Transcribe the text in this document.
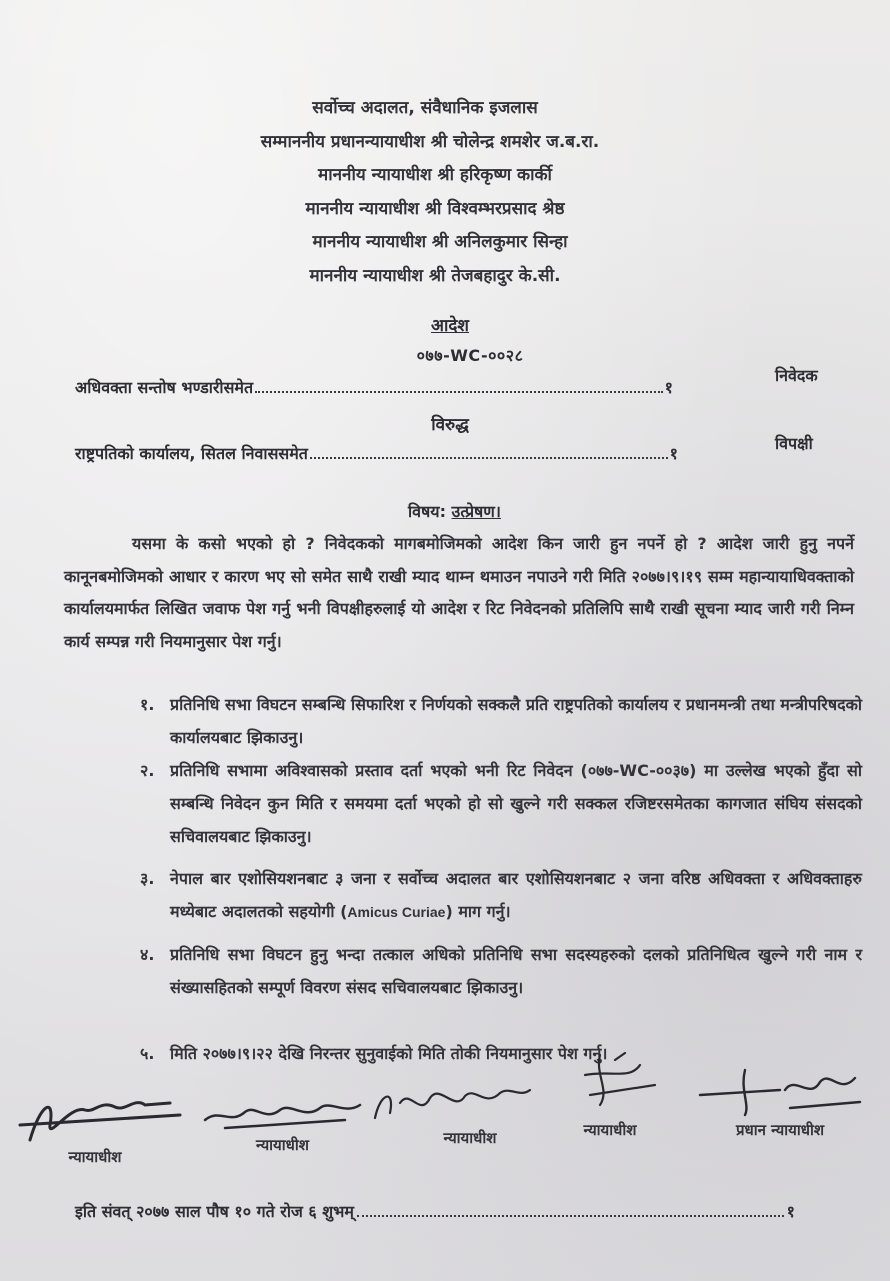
सर्वोच्च अदालत, संवैधानिक इजलास
सम्माननीय प्रधानन्यायाधीश श्री चोलेन्द्र शमशेर ज.ब.रा.
माननीय न्यायाधीश श्री हरिकृष्ण कार्की
माननीय न्यायाधीश श्री विश्वम्भरप्रसाद श्रेष्ठ
माननीय न्यायाधीश श्री अनिलकुमार सिन्हा
माननीय न्यायाधीश श्री तेजबहादुर के.सी.
आदेश
०७७-WC-००२८
अधिवक्ता सन्तोष भण्डारीसमेत	१
निवेदक
विरुद्ध
राष्ट्रपतिको कार्यालय, सितल निवाससमेत	१
विपक्षी
विषय: उत्प्रेषण।
यसमा के कसो भएको हो ? निवेदकको मागबमोजिमको आदेश किन जारी हुन नपर्ने हो ? आदेश जारी हुनु नपर्ने कानूनबमोजिमको आधार र कारण भए सो समेत साथै राखी म्याद थाम्न थमाउन नपाउने गरी मिति २०७७।९।१९ सम्म महान्यायाधिवक्ताको कार्यालयमार्फत लिखित जवाफ पेश गर्नु भनी विपक्षीहरुलाई यो आदेश र रिट निवेदनको प्रतिलिपि साथै राखी सूचना म्याद जारी गरी निम्न कार्य सम्पन्न गरी नियमानुसार पेश गर्नु।
१. प्रतिनिधि सभा विघटन सम्बन्धि सिफारिश र निर्णयको सक्कलै प्रति राष्ट्रपतिको कार्यालय र प्रधानमन्त्री तथा मन्त्रीपरिषदको कार्यालयबाट झिकाउनु।
२. प्रतिनिधि सभामा अविश्वासको प्रस्ताव दर्ता भएको भनी रिट निवेदन (०७७-WC-००३७) मा उल्लेख भएको हुँदा सो सम्बन्धि निवेदन कुन मिति र समयमा दर्ता भएको हो सो खुल्ने गरी सक्कल रजिष्टरसमेतका कागजात संघिय संसदको सचिवालयबाट झिकाउनु।
३. नेपाल बार एशोसियशनबाट ३ जना र सर्वोच्च अदालत बार एशोसियशनबाट २ जना वरिष्ठ अधिवक्ता र अधिवक्ताहरु मध्येबाट अदालतको सहयोगी (Amicus Curiae) माग गर्नु।
४. प्रतिनिधि सभा विघटन हुनु भन्दा तत्काल अधिको प्रतिनिधि सभा सदस्यहरुको दलको प्रतिनिधित्व खुल्ने गरी नाम र संख्यासहितको सम्पूर्ण विवरण संसद सचिवालयबाट झिकाउनु।
५. मिति २०७७।९।२२ देखि निरन्तर सुनुवाईको मिति तोकी नियमानुसार पेश गर्नु।
न्यायाधीश
न्यायाधीश	न्यायाधीश	न्यायाधीश	प्रधान न्यायाधीश
इति संवत् २०७७ साल पौष १० गते रोज ६ शुभम्	१
